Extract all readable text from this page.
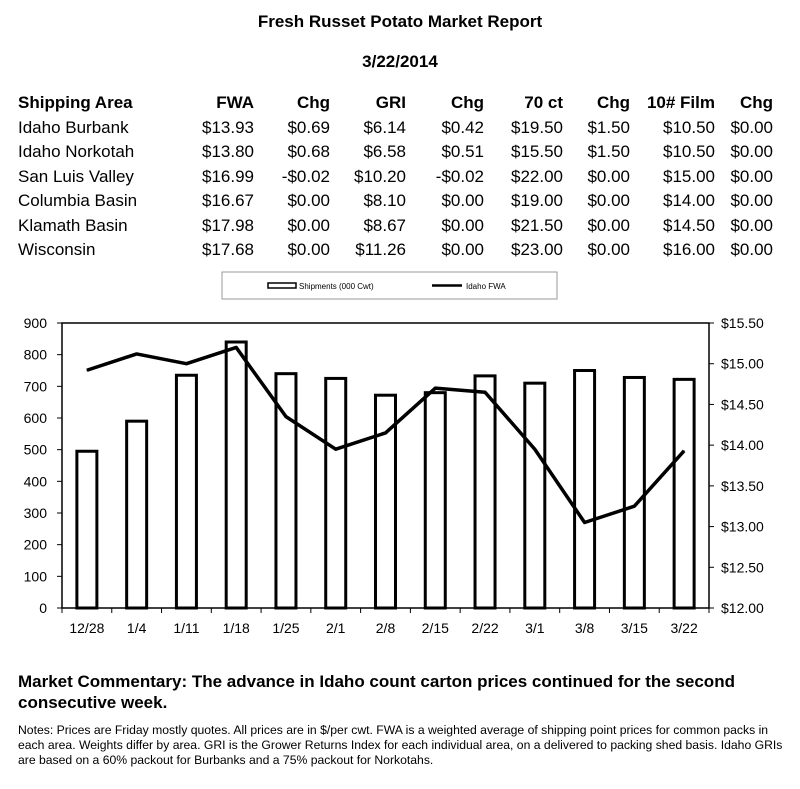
Fresh Russet Potato Market Report
3/22/2014
Shipping Area	FWA	Chg	GRI	Chg	70 ct	Chg	10# Film	Chg
Idaho Burbank	$13.93	$0.69	$6.14	$0.42	$19.50	$1.50	$10.50	$0.00
Idaho Norkotah	$13.80	$0.68	$6.58	$0.51	$15.50	$1.50	$10.50	$0.00
San Luis Valley	$16.99	-$0.02	$10.20	-$0.02	$22.00	$0.00	$15.00	$0.00
Columbia Basin	$16.67	$0.00	$8.10	$0.00	$19.00	$0.00	$14.00	$0.00
Klamath Basin	$17.98	$0.00	$8.67	$0.00	$21.50	$0.00	$14.50	$0.00
Wisconsin	$17.68	$0.00	$11.26	$0.00	$23.00	$0.00	$16.00	$0.00
Shipments (000 Cwt)	Idaho FWA
0
100
200
300
400
500
600
700
800
900
$12.00
$12.50
$13.00
$13.50
$14.00
$14.50
$15.00
$15.50
12/28 1/4 1/11 1/18 1/25 2/1 2/8 2/15 2/22 3/1 3/8 3/15 3/22
Market Commentary: The advance in Idaho count carton prices continued for the second consecutive week.
Notes: Prices are Friday mostly quotes. All prices are in $/per cwt. FWA is a weighted average of shipping point prices for common packs in each area. Weights differ by area. GRI is the Grower Returns Index for each individual area, on a delivered to packing shed basis. Idaho GRIs are based on a 60% packout for Burbanks and a 75% packout for Norkotahs.
